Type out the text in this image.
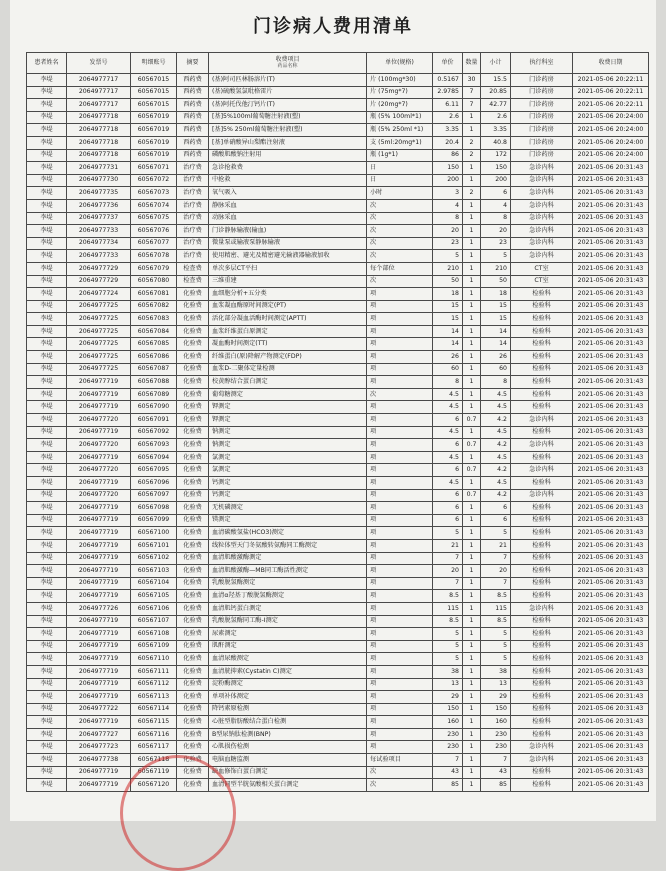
门诊病人费用清单
患者姓名	发票号	明细账号	摘要	收费项目
药品名称	单位(规格)	单价	数量	小计	执行科室	收费日期
李堤	2064977717	60567015	西药费	(基)阿司匹林肠溶片(T)	片 (100mg*30)	0.5167	30	15.5	门诊药房	2021-05-06 20:22:11
李堤	2064977717	60567015	西药费	(基)硫酸氢氯吡格雷片	片 (75mg*7)	2.9785	7	20.85	门诊药房	2021-05-06 20:22:11
李堤	2064977717	60567015	西药费	(基)阿托伐他汀钙片(T)	片 (20mg*7)	6.11	7	42.77	门诊药房	2021-05-06 20:22:11
李堤	2064977718	60567019	西药费	[基]5%100ml葡萄糖注射液(塑)	瓶 (5% 100ml*1)	2.6	1	2.6	门诊药房	2021-05-06 20:24:00
李堤	2064977718	60567019	西药费	[基]5% 250ml葡萄糖注射液(塑)	瓶 (5% 250ml *1)	3.35	1	3.35	门诊药房	2021-05-06 20:24:00
李堤	2064977718	60567019	西药费	[基]单硝酸异山梨酯注射液	支 (5ml:20mg*1)	20.4	2	40.8	门诊药房	2021-05-06 20:24:00
李堤	2064977718	60567019	西药费	磷酸肌酸钠注射用	瓶 (1g*1)	86	2	172	门诊药房	2021-05-06 20:24:00
李堤	2064977731	60567071	治疗费	急诊抢救费	日	150	1	150	急诊内科	2021-05-06 20:31:43
李堤	2064977730	60567072	治疗费	中抢救	日	200	1	200	急诊内科	2021-05-06 20:31:43
李堤	2064977735	60567073	治疗费	氧气吸入	小时	3	2	6	急诊内科	2021-05-06 20:31:43
李堤	2064977736	60567074	治疗费	静脉采血	次	4	1	4	急诊内科	2021-05-06 20:31:43
李堤	2064977737	60567075	治疗费	动脉采血	次	8	1	8	急诊内科	2021-05-06 20:31:43
李堤	2064977733	60567076	治疗费	门诊静脉输液(输血)	次	20	1	20	急诊内科	2021-05-06 20:31:43
李堤	2064977734	60567077	治疗费	微量泵或输液泵静脉输液	次	23	1	23	急诊内科	2021-05-06 20:31:43
李堤	2064977733	60567078	治疗费	使用精密、避光及精密避光输液器输液加收	次	5	1	5	急诊内科	2021-05-06 20:31:43
李堤	2064977729	60567079	检查费	单次多层CT平扫	每个部位	210	1	210	CT室	2021-05-06 20:31:43
李堤	2064977729	60567080	检查费	三维重建	次	50	1	50	CT室	2021-05-06 20:31:43
李堤	2064977724	60567081	化验费	血细胞分析+五分类	项	18	1	18	检验科	2021-05-06 20:31:43
李堤	2064977725	60567082	化验费	血浆凝血酶原时间测定(PT)	项	15	1	15	检验科	2021-05-06 20:31:43
李堤	2064977725	60567083	化验费	活化部分凝血活酶时间测定(APTT)	项	15	1	15	检验科	2021-05-06 20:31:43
李堤	2064977725	60567084	化验费	血浆纤维蛋白原测定	项	14	1	14	检验科	2021-05-06 20:31:43
李堤	2064977725	60567085	化验费	凝血酶时间测定(TT)	项	14	1	14	检验科	2021-05-06 20:31:43
李堤	2064977725	60567086	化验费	纤维蛋白(原)降解产物测定(FDP)	项	26	1	26	检验科	2021-05-06 20:31:43
李堤	2064977725	60567087	化验费	血浆D-二聚体定量检测	项	60	1	60	检验科	2021-05-06 20:31:43
李堤	2064977719	60567088	化验费	校黄醇结合蛋白测定	项	8	1	8	检验科	2021-05-06 20:31:43
李堤	2064977719	60567089	化验费	葡萄糖测定	次	4.5	1	4.5	检验科	2021-05-06 20:31:43
李堤	2064977719	60567090	化验费	钾测定	项	4.5	1	4.5	检验科	2021-05-06 20:31:43
李堤	2064977720	60567091	化验费	钾测定	项	6	0.7	4.2	急诊内科	2021-05-06 20:31:43
李堤	2064977719	60567092	化验费	钠测定	项	4.5	1	4.5	检验科	2021-05-06 20:31:43
李堤	2064977720	60567093	化验费	钠测定	项	6	0.7	4.2	急诊内科	2021-05-06 20:31:43
李堤	2064977719	60567094	化验费	氯测定	项	4.5	1	4.5	检验科	2021-05-06 20:31:43
李堤	2064977720	60567095	化验费	氯测定	项	6	0.7	4.2	急诊内科	2021-05-06 20:31:43
李堤	2064977719	60567096	化验费	钙测定	项	4.5	1	4.5	检验科	2021-05-06 20:31:43
李堤	2064977720	60567097	化验费	钙测定	项	6	0.7	4.2	急诊内科	2021-05-06 20:31:43
李堤	2064977719	60567098	化验费	无机磷测定	项	6	1	6	检验科	2021-05-06 20:31:43
李堤	2064977719	60567099	化验费	镁测定	项	6	1	6	检验科	2021-05-06 20:31:43
李堤	2064977719	60567100	化验费	血清碳酸氢盐(HCO3)测定	项	5	1	5	检验科	2021-05-06 20:31:43
李堤	2064977719	60567101	化验费	线粒体型天门冬氨酸转氨酶同工酶测定	项	21	1	21	检验科	2021-05-06 20:31:43
李堤	2064977719	60567102	化验费	血清肌酸激酶测定	项	7	1	7	检验科	2021-05-06 20:31:43
李堤	2064977719	60567103	化验费	血清肌酸激酶—MB同工酶活性测定	项	20	1	20	检验科	2021-05-06 20:31:43
李堤	2064977719	60567104	化验费	乳酸脱氢酶测定	项	7	1	7	检验科	2021-05-06 20:31:43
李堤	2064977719	60567105	化验费	血清α羟基丁酸脱氢酶测定	项	8.5	1	8.5	检验科	2021-05-06 20:31:43
李堤	2064977726	60567106	化验费	血清肌钙蛋白测定	项	115	1	115	急诊内科	2021-05-06 20:31:43
李堤	2064977719	60567107	化验费	乳酸脱氢酶同工酶-I测定	项	8.5	1	8.5	检验科	2021-05-06 20:31:43
李堤	2064977719	60567108	化验费	尿素测定	项	5	1	5	检验科	2021-05-06 20:31:43
李堤	2064977719	60567109	化验费	肌酐测定	项	5	1	5	检验科	2021-05-06 20:31:43
李堤	2064977719	60567110	化验费	血清尿酸测定	项	5	1	5	检验科	2021-05-06 20:31:43
李堤	2064977719	60567111	化验费	血清胱抑素(Cystatin C)测定	项	38	1	38	检验科	2021-05-06 20:31:43
李堤	2064977719	60567112	化验费	淀粉酶测定	项	13	1	13	检验科	2021-05-06 20:31:43
李堤	2064977719	60567113	化验费	单项补体测定	项	29	1	29	检验科	2021-05-06 20:31:43
李堤	2064977722	60567114	化验费	降钙素原检测	项	150	1	150	检验科	2021-05-06 20:31:43
李堤	2064977719	60567115	化验费	心脏型脂肪酸结合蛋白检测	项	160	1	160	检验科	2021-05-06 20:31:43
李堤	2064977727	60567116	化验费	B型尿钠肽检测(BNP)	项	230	1	230	检验科	2021-05-06 20:31:43
李堤	2064977723	60567117	化验费	心肌损伤检测	项	230	1	230	急诊内科	2021-05-06 20:31:43
李堤	2064977738	60567118	化验费	电脑血糖监测	每试验项目	7	1	7	急诊内科	2021-05-06 20:31:43
李堤	2064977719	60567119	化验费	缺血修饰白蛋白测定	次	43	1	43	检验科	2021-05-06 20:31:43
李堤	2064977719	60567120	化验费	血清同型半胱氨酸相关蛋白测定	次	85	1	85	检验科	2021-05-06 20:31:43
